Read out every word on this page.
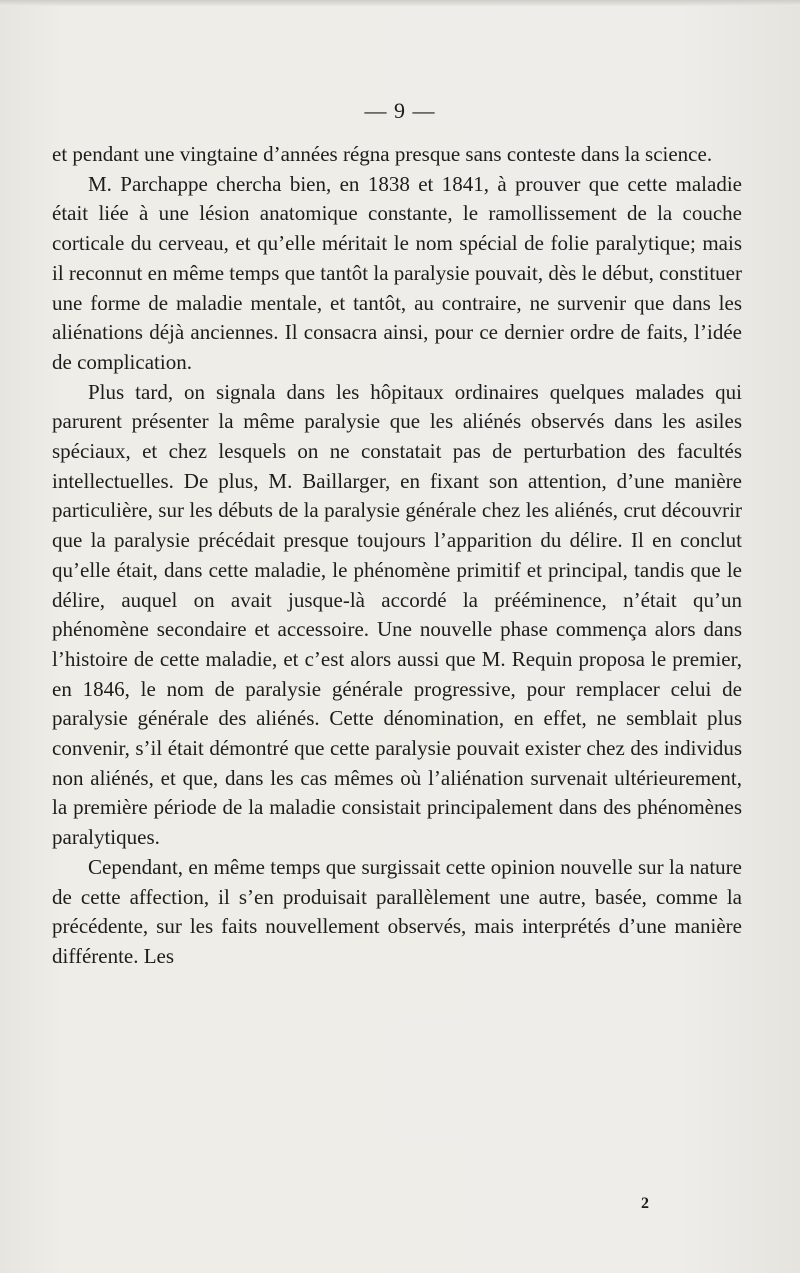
— 9 —

et pendant une vingtaine d’années régna presque sans conteste dans la science.

M. Parchappe chercha bien, en 1838 et 1841, à prouver que cette maladie était liée à une lésion anatomique constante, le ramollissement de la couche corticale du cerveau, et qu’elle méritait le nom spécial de folie paralytique; mais il reconnut en même temps que tantôt la paralysie pouvait, dès le début, constituer une forme de maladie mentale, et tantôt, au contraire, ne survenir que dans les aliénations déjà anciennes. Il consacra ainsi, pour ce dernier ordre de faits, l’idée de complication.

Plus tard, on signala dans les hôpitaux ordinaires quelques malades qui parurent présenter la même paralysie que les aliénés observés dans les asiles spéciaux, et chez lesquels on ne constatait pas de perturbation des facultés intellectuelles. De plus, M. Baillarger, en fixant son attention, d’une manière particulière, sur les débuts de la paralysie générale chez les aliénés, crut découvrir que la paralysie précédait presque toujours l’apparition du délire. Il en conclut qu’elle était, dans cette maladie, le phénomène primitif et principal, tandis que le délire, auquel on avait jusque-là accordé la prééminence, n’était qu’un phénomène secondaire et accessoire. Une nouvelle phase commença alors dans l’histoire de cette maladie, et c’est alors aussi que M. Requin proposa le premier, en 1846, le nom de paralysie générale progressive, pour remplacer celui de paralysie générale des aliénés. Cette dénomination, en effet, ne semblait plus convenir, s’il était démontré que cette paralysie pouvait exister chez des individus non aliénés, et que, dans les cas mêmes où l’aliénation survenait ultérieurement, la première période de la maladie consistait principalement dans des phénomènes paralytiques.

Cependant, en même temps que surgissait cette opinion nouvelle sur la nature de cette affection, il s’en produisait parallèlement une autre, basée, comme la précédente, sur les faits nouvellement observés, mais interprétés d’une manière différente. Les

2
